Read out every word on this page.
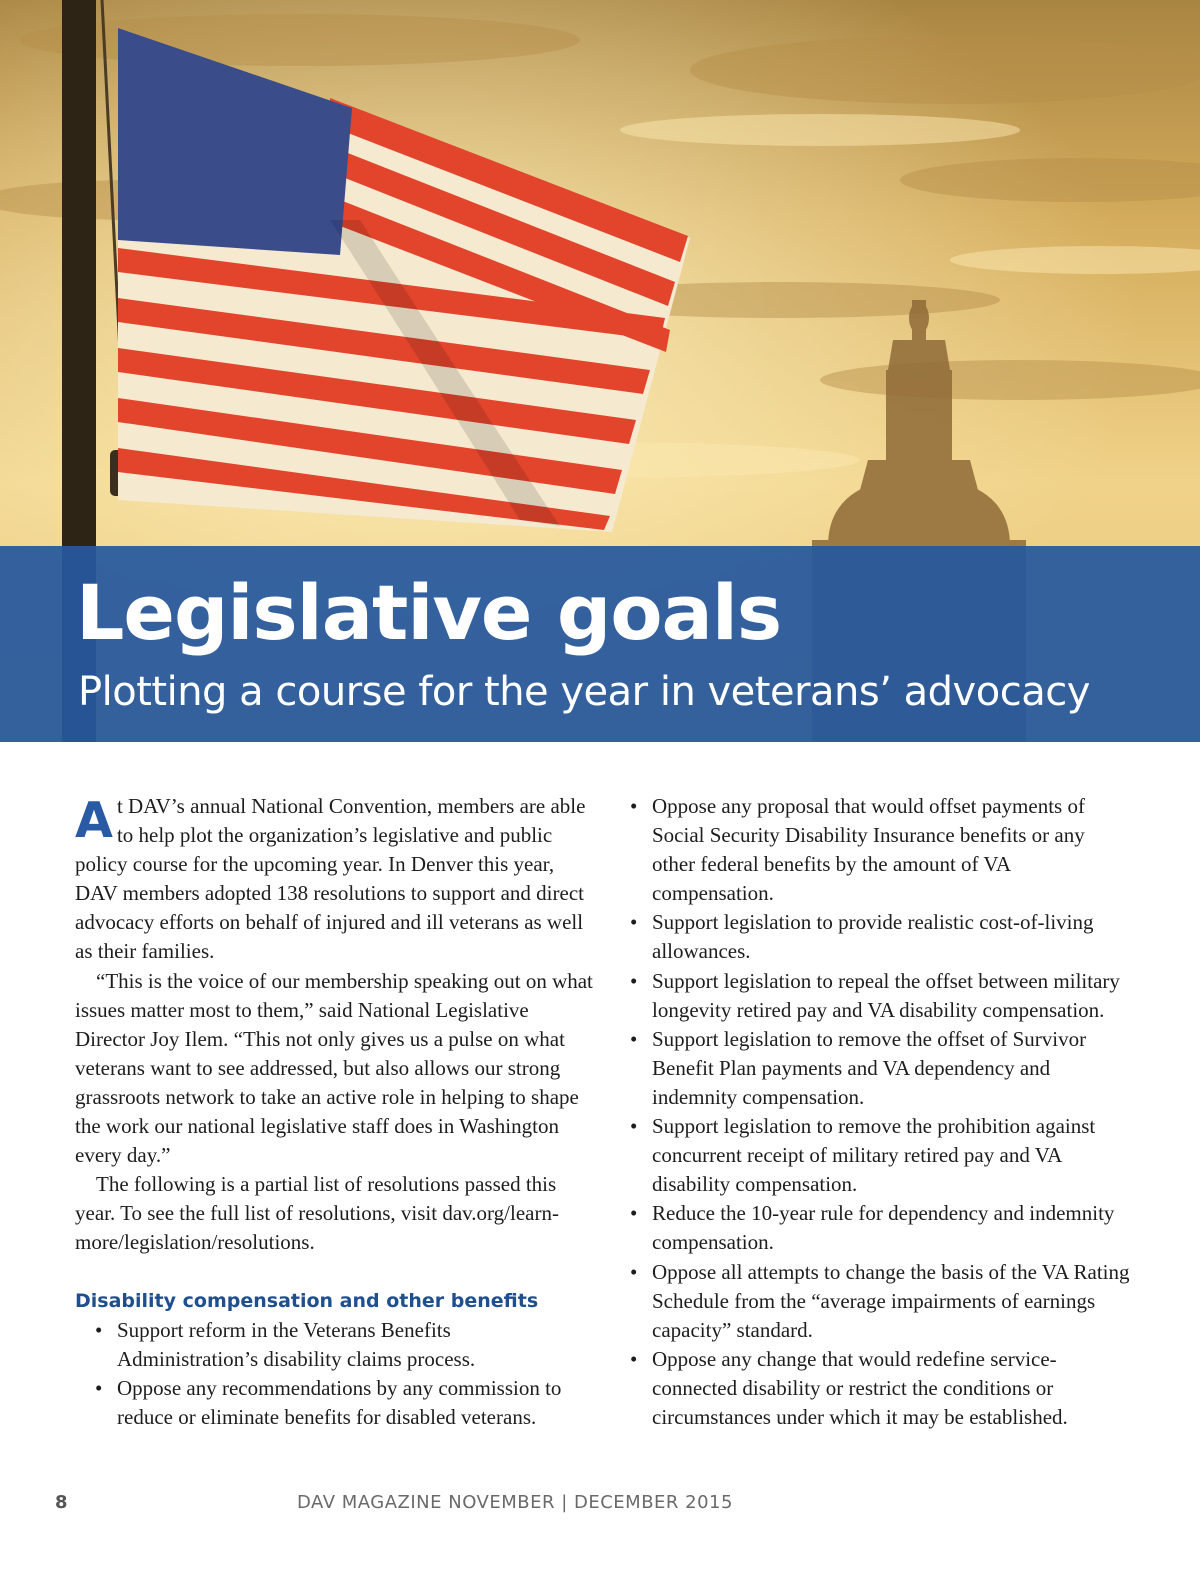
Legislative goals

Plotting a course for the year in veterans’ advocacy

At DAV’s annual National Convention, members are able to help plot the organization’s legislative and public policy course for the upcoming year. In Denver this year, DAV members adopted 138 resolutions to support and direct advocacy efforts on behalf of injured and ill veterans as well as their families.

“This is the voice of our membership speaking out on what issues matter most to them,” said National Legislative Director Joy Ilem. “This not only gives us a pulse on what veterans want to see addressed, but also allows our strong grassroots network to take an active role in helping to shape the work our national legislative staff does in Washington every day.”

The following is a partial list of resolutions passed this year. To see the full list of resolutions, visit dav.org/learn-more/legislation/resolutions.

Disability compensation and other benefits
• Support reform in the Veterans Benefits Administration’s disability claims process.
• Oppose any recommendations by any commission to reduce or eliminate benefits for disabled veterans.
• Oppose any proposal that would offset payments of Social Security Disability Insurance benefits or any other federal benefits by the amount of VA compensation.
• Support legislation to provide realistic cost-of-living allowances.
• Support legislation to repeal the offset between military longevity retired pay and VA disability compensation.
• Support legislation to remove the offset of Survivor Benefit Plan payments and VA dependency and indemnity compensation.
• Support legislation to remove the prohibition against concurrent receipt of military retired pay and VA disability compensation.
• Reduce the 10-year rule for dependency and indemnity compensation.
• Oppose all attempts to change the basis of the VA Rating Schedule from the “average impairments of earnings capacity” standard.
• Oppose any change that would redefine service-connected disability or restrict the conditions or circumstances under which it may be established.
8	DAV MAGAZINE NOVEMBER | DECEMBER 2015
